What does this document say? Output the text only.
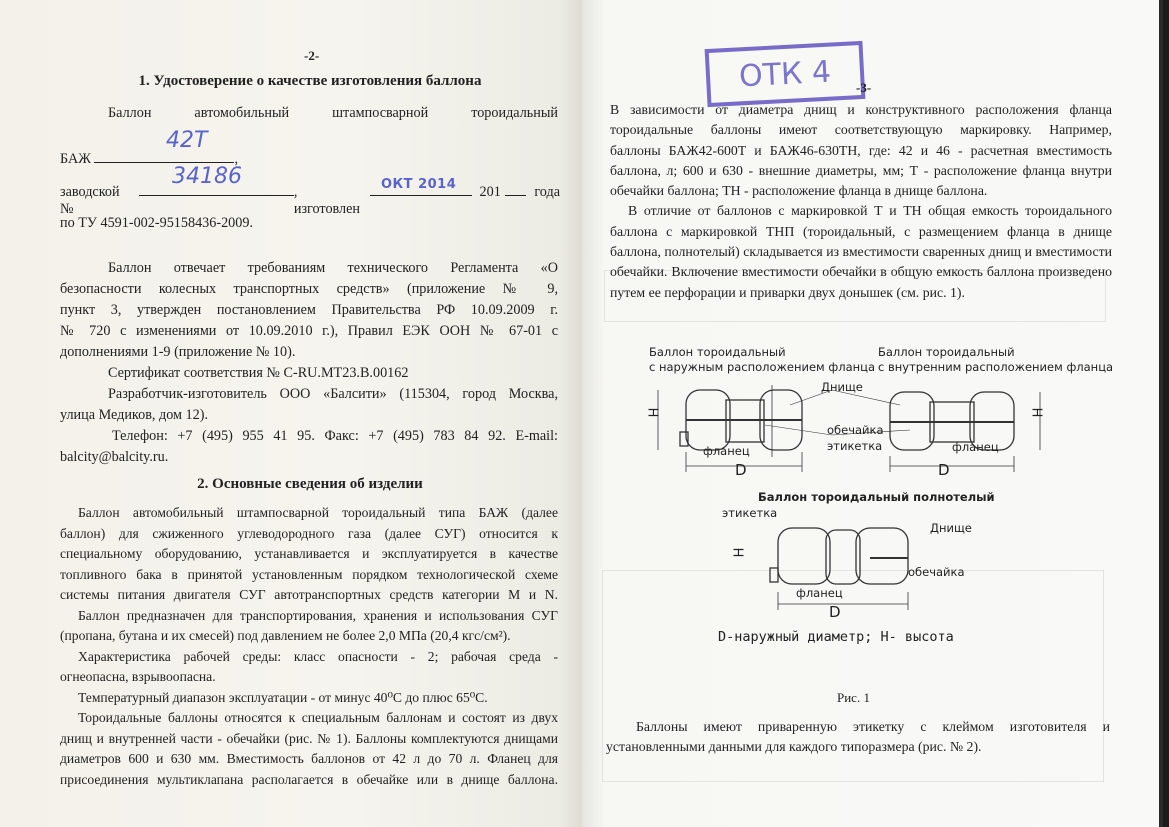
-2-
1. Удостоверение о качестве изготовления баллона
Баллон автомобильный штампосварной тороидальный
БАЖ	,
42Т
заводской №
, изготовлен
201 года
34186	ОКТ 2014
по ТУ 4591-002-95158436-2009.
Баллон отвечает требованиям технического Регламента «О
безопасности колесных транспортных средств» (приложение № 9,
пункт 3, утвержден постановлением Правительства РФ 10.09.2009 г.
№ 720 с изменениями от 10.09.2010 г.), Правил ЕЭК ООН № 67-01 с
дополнениями 1-9 (приложение № 10).
Сертификат соответствия № C-RU.МТ23.В.00162
Разработчик-изготовитель ООО «Балсити» (115304, город Москва,
улица Медиков, дом 12).
Телефон: +7 (495) 955 41 95. Факс: +7 (495) 783 84 92. E-mail:
balcity@balcity.ru.
2. Основные сведения об изделии
Баллон автомобильный штампосварной тороидальный типа БАЖ (далее
баллон) для сжиженного углеводородного газа (далее СУГ) относится к
специальному оборудованию, устанавливается и эксплуатируется в качестве
топливного бака в принятой установленным порядком технологической схеме
системы питания двигателя СУГ автотранспортных средств категории M и N.
Баллон предназначен для транспортирования, хранения и использования СУГ
(пропана, бутана и их смесей) под давлением не более 2,0 МПа (20,4 кгс/см²).
Характеристика рабочей среды: класс опасности - 2; рабочая среда -
огнеопасна, взрывоопасна.
Температурный диапазон эксплуатации - от минус 40⁰С до плюс 65⁰С.
Тороидальные баллоны относятся к специальным баллонам и состоят из двух
днищ и внутренней части - обечайки (рис. № 1). Баллоны комплектуются днищами
диаметров 600 и 630 мм. Вместимость баллонов от 42 л до 70 л. Фланец для
присоединения мультиклапана располагается в обечайке или в днище баллона.
ОТК 4	-3-
В зависимости от диаметра днищ и конструктивного расположения фланца
тороидальные баллоны имеют соответствующую маркировку. Например,
баллоны БАЖ42-600Т и БАЖ46-630ТН, где: 42 и 46 - расчетная вместимость
баллона, л; 600 и 630 - внешние диаметры, мм; Т - расположение фланца внутри
обечайки баллона; ТН - расположение фланца в днище баллона.
В отличие от баллонов с маркировкой Т и ТН общая емкость тороидального
баллона с маркировкой ТНП (тороидальный, с размещением фланца в днище
баллона, полнотелый) складывается из вместимости сваренных днищ и вместимости
обечайки. Включение вместимости обечайки в общую емкость баллона произведено
путем ее перфорации и приварки двух донышек (см. рис. 1).
Баллон тороидальный
с наружным расположением фланца
Баллон тороидальный
с внутренним расположением фланца
Днище
обечайка
этикетка
фланец
D
H
фланец
D
H
Баллон тороидальный полнотелый
этикетка
Днище
обечайка
фланец
D
H
D-наружный диаметр; H- высота
Рис. 1
Баллоны имеют приваренную этикетку с клеймом изготовителя и
установленными данными для каждого типоразмера (рис. № 2).
